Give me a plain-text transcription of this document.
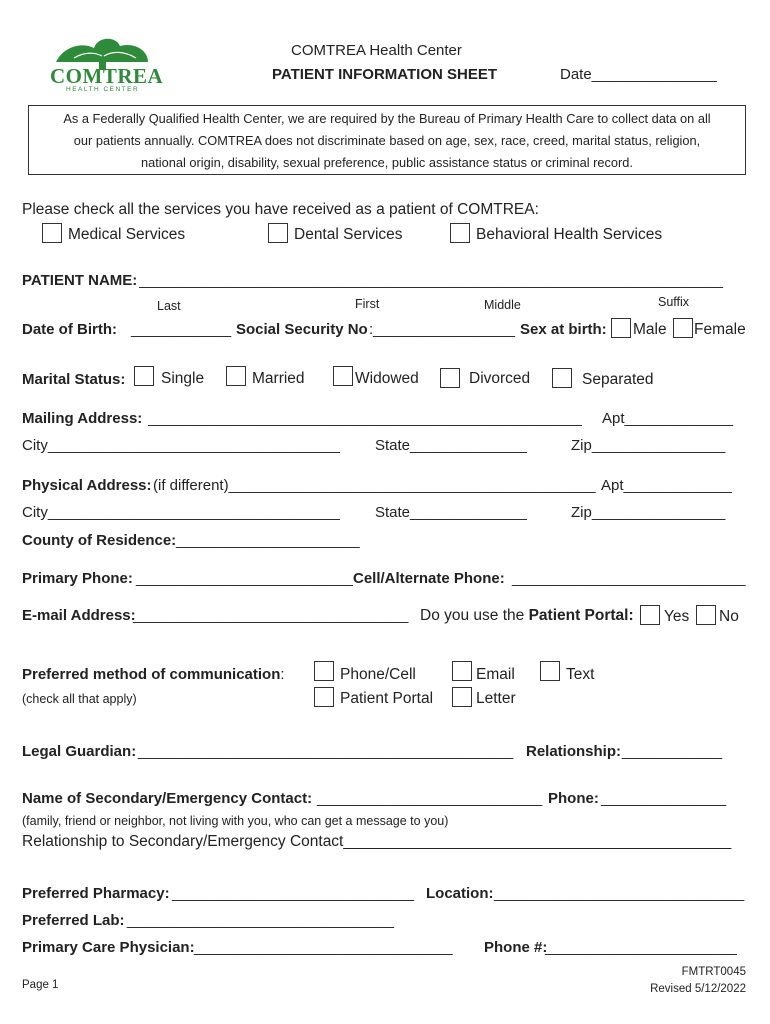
COMTREA
HEALTH CENTER
COMTREA Health Center
PATIENT INFORMATION SHEET	Date_______________
As a Federally Qualified Health Center, we are required by the Bureau of Primary Health Care to collect data on all
our patients annually. COMTREA does not discriminate based on age, sex, race, creed, marital status, religion,
national origin, disability, sexual preference, public assistance status or criminal record.
Please check all the services you have received as a patient of COMTREA:
Medical Services	Dental Services	Behavioral Health Services
PATIENT NAME: ______________________________________________________________________
Last	First	Middle	Suffix
Date of Birth: ____________ Social Security No :_________________ Sex at birth: Male Female
Marital Status: Single	Married	Widowed	Divorced	Separated
Mailing Address: ____________________________________________________	Apt_____________
City___________________________________ State______________	Zip________________
Physical Address: (if different)____________________________________________ Apt_____________
City___________________________________ State______________	Zip________________
County of Residence: ______________________
Primary Phone: __________________________ Cell/Alternate Phone: ____________________________
E-mail Address:
_________________________________ Do you use the Patient Portal: Yes No
Preferred method of communication:
(check all that apply)
Phone/Cell	Email	Text
Patient Portal	Letter
Legal Guardian: _____________________________________________ Relationship: ____________
Name of Secondary/Emergency Contact: ___________________________ Phone: _______________
(family, friend or neighbor, not living with you, who can get a message to you)
Relationship to Secondary/Emergency Contact_____________________________________________
Preferred Pharmacy: _____________________________ Location: ______________________________
Preferred Lab: ________________________________
Primary Care Physician: _______________________________ Phone #:
_______________________
Page 1
FMTRT0045
Revised 5/12/2022
